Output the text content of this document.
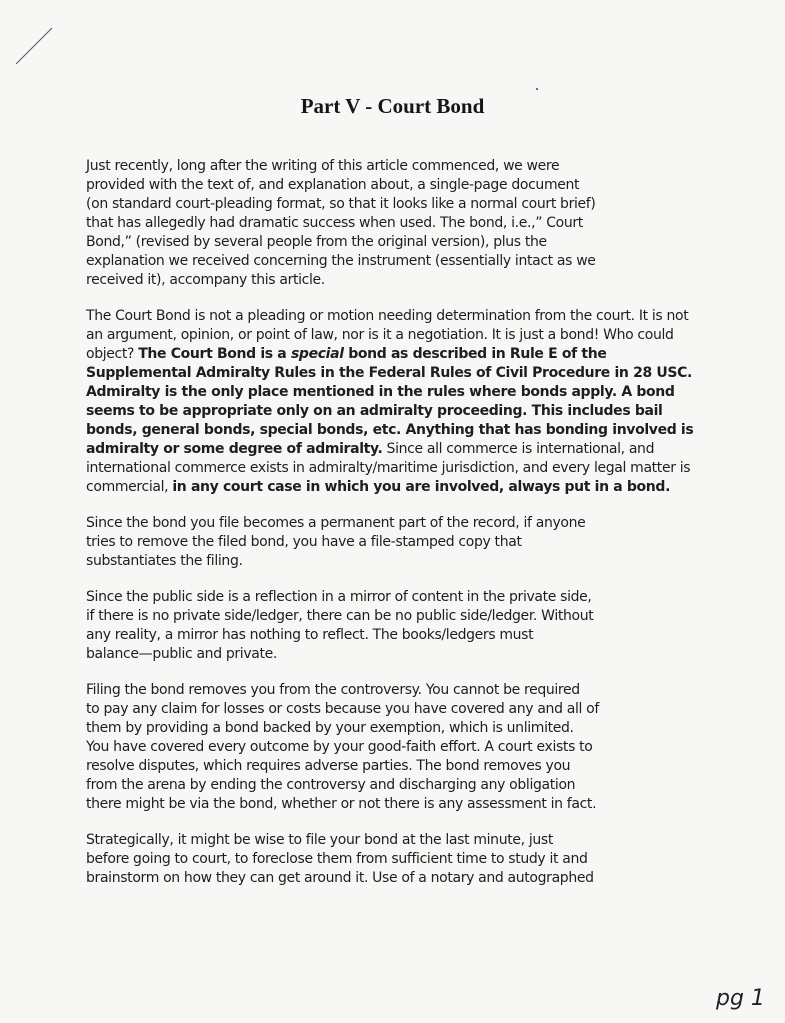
Part V - Court Bond

Just recently, long after the writing of this article commenced, we were
provided with the text of, and explanation about, a single-page document
(on standard court-pleading format, so that it looks like a normal court brief)
that has allegedly had dramatic success when used. The bond, i.e.,” Court
Bond,” (revised by several people from the original version), plus the
explanation we received concerning the instrument (essentially intact as we
received it), accompany this article.

The Court Bond is not a pleading or motion needing determination from the court. It is not an argument, opinion, or point of law, nor is it a negotiation. It is just a bond! Who could object? The Court Bond is a special bond as described in Rule E of the Supplemental Admiralty Rules in the Federal Rules of Civil Procedure in 28 USC. Admiralty is the only place mentioned in the rules where bonds apply. A bond seems to be appropriate only on an admiralty proceeding. This includes bail bonds, general bonds, special bonds, etc. Anything that has bonding involved is admiralty or some degree of admiralty. Since all commerce is international, and international commerce exists in admiralty/maritime jurisdiction, and every legal matter is commercial, in any court case in which you are involved, always put in a bond.

Since the bond you file becomes a permanent part of the record, if anyone
tries to remove the filed bond, you have a file-stamped copy that
substantiates the filing.

Since the public side is a reflection in a mirror of content in the private side,
if there is no private side/ledger, there can be no public side/ledger. Without
any reality, a mirror has nothing to reflect. The books/ledgers must
balance—public and private.

Filing the bond removes you from the controversy. You cannot be required
to pay any claim for losses or costs because you have covered any and all of
them by providing a bond backed by your exemption, which is unlimited.
You have covered every outcome by your good-faith effort. A court exists to
resolve disputes, which requires adverse parties. The bond removes you
from the arena by ending the controversy and discharging any obligation
there might be via the bond, whether or not there is any assessment in fact.

Strategically, it might be wise to file your bond at the last minute, just
before going to court, to foreclose them from sufficient time to study it and
brainstorm on how they can get around it. Use of a notary and autographed

pg 1
